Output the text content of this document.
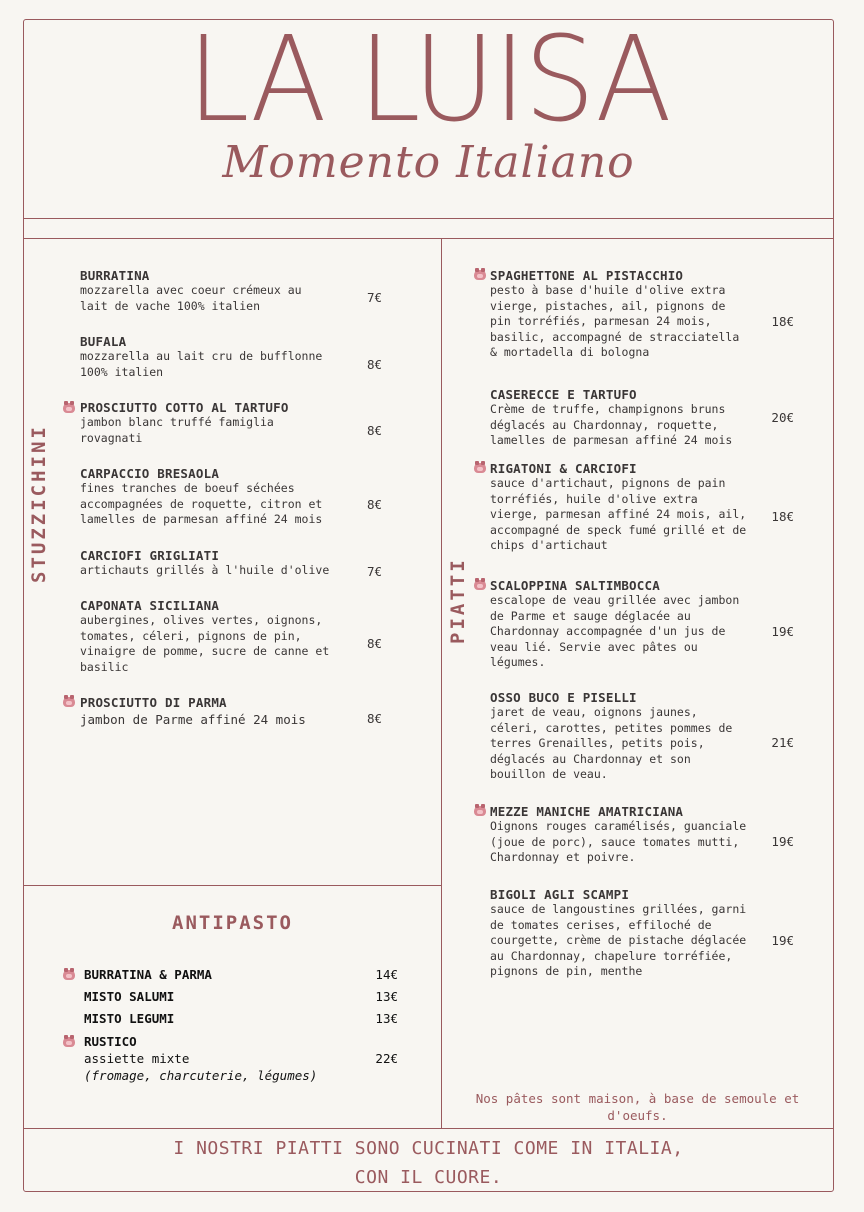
LA LUISA
Momento Italiano
STUZZICHINI
PIATTI
BURRATINA
mozzarella avec coeur crémeux au
lait de vache 100% italien
7€
BUFALA
mozzarella au lait cru de bufflonne
100% italien	8€
PROSCIUTTO COTTO AL TARTUFO
jambon blanc truffé famiglia
rovagnati	8€
CARPACCIO BRESAOLA
fines tranches de boeuf séchées
accompagnées de roquette, citron et
lamelles de parmesan affiné 24 mois
8€
CARCIOFI GRIGLIATI
artichauts grillés à l'huile d'olive	7€
CAPONATA SICILIANA
aubergines, olives vertes, oignons,
tomates, céleri, pignons de pin,
vinaigre de pomme, sucre de canne et
basilic
8€
PROSCIUTTO DI PARMA
jambon de Parme affiné 24 mois	8€
ANTIPASTO
BURRATINA & PARMA	14€
MISTO SALUMI	13€
MISTO LEGUMI	13€
RUSTICO
assiette mixte
(fromage, charcuterie, légumes)
22€
SPAGHETTONE AL PISTACCHIO
pesto à base d'huile d'olive extra
vierge, pistaches, ail, pignons de
pin torréfiés, parmesan 24 mois,
basilic, accompagné de stracciatella
& mortadella di bologna
18€
CASERECCE E TARTUFO
Crème de truffe, champignons bruns
déglacés au Chardonnay, roquette,
lamelles de parmesan affiné 24 mois
20€
RIGATONI & CARCIOFI
sauce d'artichaut, pignons de pain
torréfiés, huile d'olive extra
vierge, parmesan affiné 24 mois, ail,
accompagné de speck fumé grillé et de
chips d'artichaut
18€
SCALOPPINA SALTIMBOCCA
escalope de veau grillée avec jambon
de Parme et sauge déglacée au
Chardonnay accompagnée d'un jus de
veau lié. Servie avec pâtes ou
légumes.
19€
OSSO BUCO E PISELLI
jaret de veau, oignons jaunes,
céleri, carottes, petites pommes de
terres Grenailles, petits pois,
déglacés au Chardonnay et son
bouillon de veau.
21€
MEZZE MANICHE AMATRICIANA
Oignons rouges caramélisés, guanciale
(joue de porc), sauce tomates mutti,
Chardonnay et poivre.
19€
BIGOLI AGLI SCAMPI
sauce de langoustines grillées, garni
de tomates cerises, effiloché de
courgette, crème de pistache déglacée
au Chardonnay, chapelure torréfiée,
pignons de pin, menthe
19€
Nos pâtes sont maison, à base de semoule et d'oeufs.
I NOSTRI PIATTI SONO CUCINATI COME IN ITALIA,
CON IL CUORE.
